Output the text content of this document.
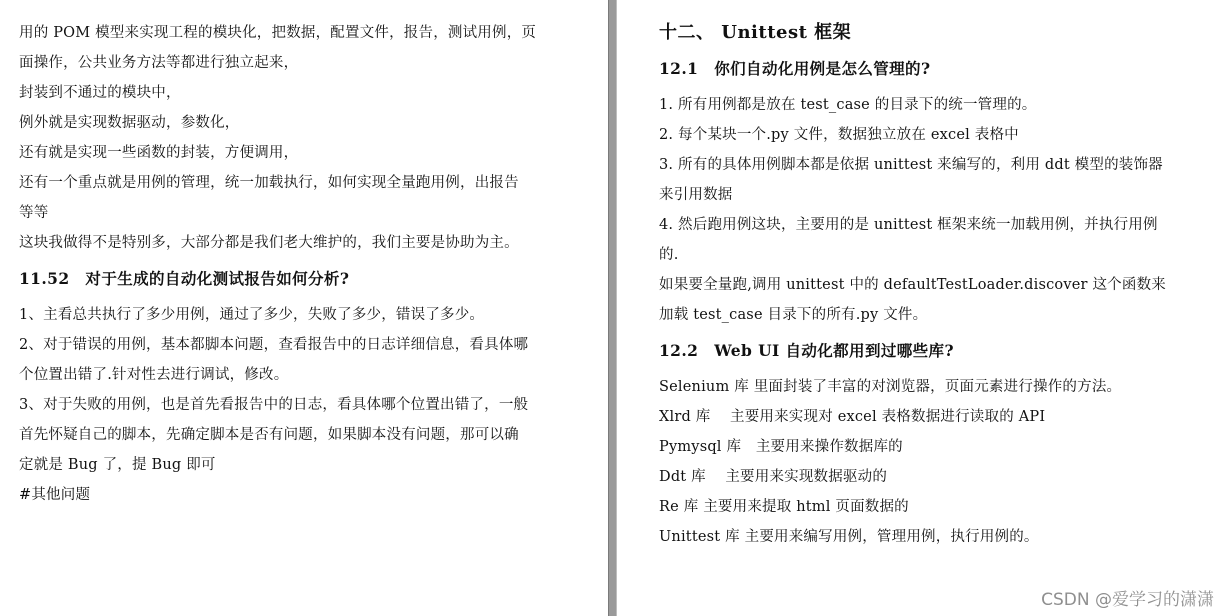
用的 POM 模型来实现工程的模块化，把数据，配置文件，报告，测试用例，页
面操作，公共业务方法等都进行独立起来，
封装到不通过的模块中，
例外就是实现数据驱动，参数化，
还有就是实现一些函数的封装，方便调用，
还有一个重点就是用例的管理，统一加载执行，如何实现全量跑用例，出报告
等等
这块我做得不是特别多，大部分都是我们老大维护的，我们主要是协助为主。
11.52　对于生成的自动化测试报告如何分析?
1、主看总共执行了多少用例，通过了多少，失败了多少，错误了多少。
2、对于错误的用例，基本都脚本问题，查看报告中的日志详细信息，看具体哪
个位置出错了.针对性去进行调试，修改。
3、对于失败的用例，也是首先看报告中的日志，看具体哪个位置出错了，一般
首先怀疑自己的脚本，先确定脚本是否有问题，如果脚本没有问题，那可以确
定就是 Bug 了，提 Bug 即可
#其他问题
十二、 Unittest 框架
12.1　你们自动化用例是怎么管理的?
1. 所有用例都是放在 test_case 的目录下的统一管理的。
2. 每个某块一个.py 文件，数据独立放在 excel 表格中
3. 所有的具体用例脚本都是依据 unittest 来编写的，利用 ddt 模型的装饰器
来引用数据
4. 然后跑用例这块，主要用的是 unittest 框架来统一加载用例，并执行用例
的.
如果要全量跑,调用 unittest 中的 defaultTestLoader.discover 这个函数来
加载 test_case 目录下的所有.py 文件。
12.2　Web UI 自动化都用到过哪些库?
Selenium 库 里面封装了丰富的对浏览器，页面元素进行操作的方法。
Xlrd 库　 主要用来实现对 excel 表格数据进行读取的 API
Pymysql 库　主要用来操作数据库的
Ddt 库　 主要用来实现数据驱动的
Re 库 主要用来提取 html 页面数据的
Unittest 库 主要用来编写用例，管理用例，执行用例的。
CSDN @爱学习的潇潇
